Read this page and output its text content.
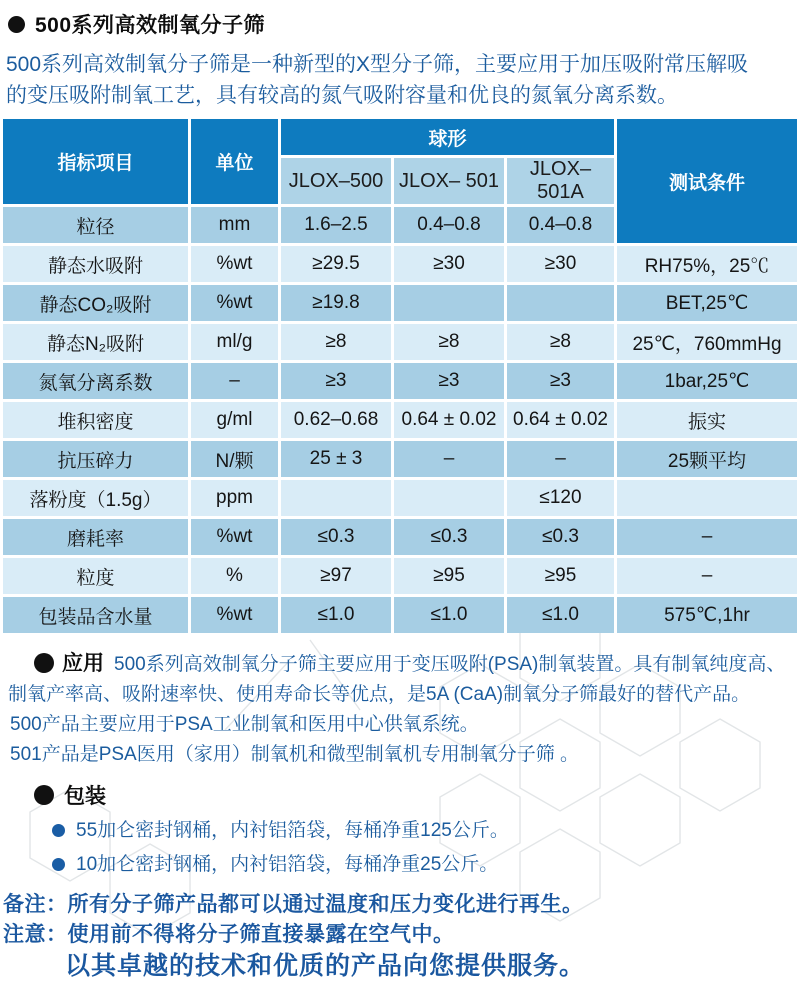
500系列高效制氧分子筛
500系列高效制氧分子筛是一种新型的X型分子筛，主要应用于加压吸附常压解吸
的变压吸附制氧工艺，具有较高的氮气吸附容量和优良的氮氧分离系数。
指标项目	单位	球形			测试条件
		JLOX–500	JLOX– 501	JLOX–501A	
粒径	mm	1.6–2.5	0.4–0.8	0.4–0.8	
静态水吸附	%wt	≥29.5	≥30	≥30	RH75%，25℃
静态CO₂吸附	%wt	≥19.8			BET,25℃
静态N₂吸附	ml/g	≥8	≥8	≥8	25℃，760mmHg
氮氧分离系数	–	≥3	≥3	≥3	1bar,25℃
堆积密度	g/ml	0.62–0.68	0.64 ± 0.02	0.64 ± 0.02	振实
抗压碎力	N/颗	25 ± 3	–	–	25颗平均
落粉度（1.5g）	ppm			≤120	
磨耗率	%wt	≤0.3	≤0.3	≤0.3	–
粒度	%	≥97	≥95	≥95	–
包装品含水量	%wt	≤1.0	≤1.0	≤1.0	575℃,1hr
应用 500系列高效制氧分子筛主要应用于变压吸附(PSA)制氧装置。具有制氧纯度高、制氧产率高、吸附速率快、使用寿命长等优点，是5A (CaA)制氧分子筛最好的替代产品。
500产品主要应用于PSA工业制氧和医用中心供氧系统。
501产品是PSA医用（家用）制氧机和微型制氧机专用制氧分子筛 。
包装
55加仑密封钢桶，内衬铝箔袋，每桶净重125公斤。
10加仑密封钢桶，内衬铝箔袋，每桶净重25公斤。
备注：所有分子筛产品都可以通过温度和压力变化进行再生。
注意：使用前不得将分子筛直接暴露在空气中。
以其卓越的技术和优质的产品向您提供服务。
